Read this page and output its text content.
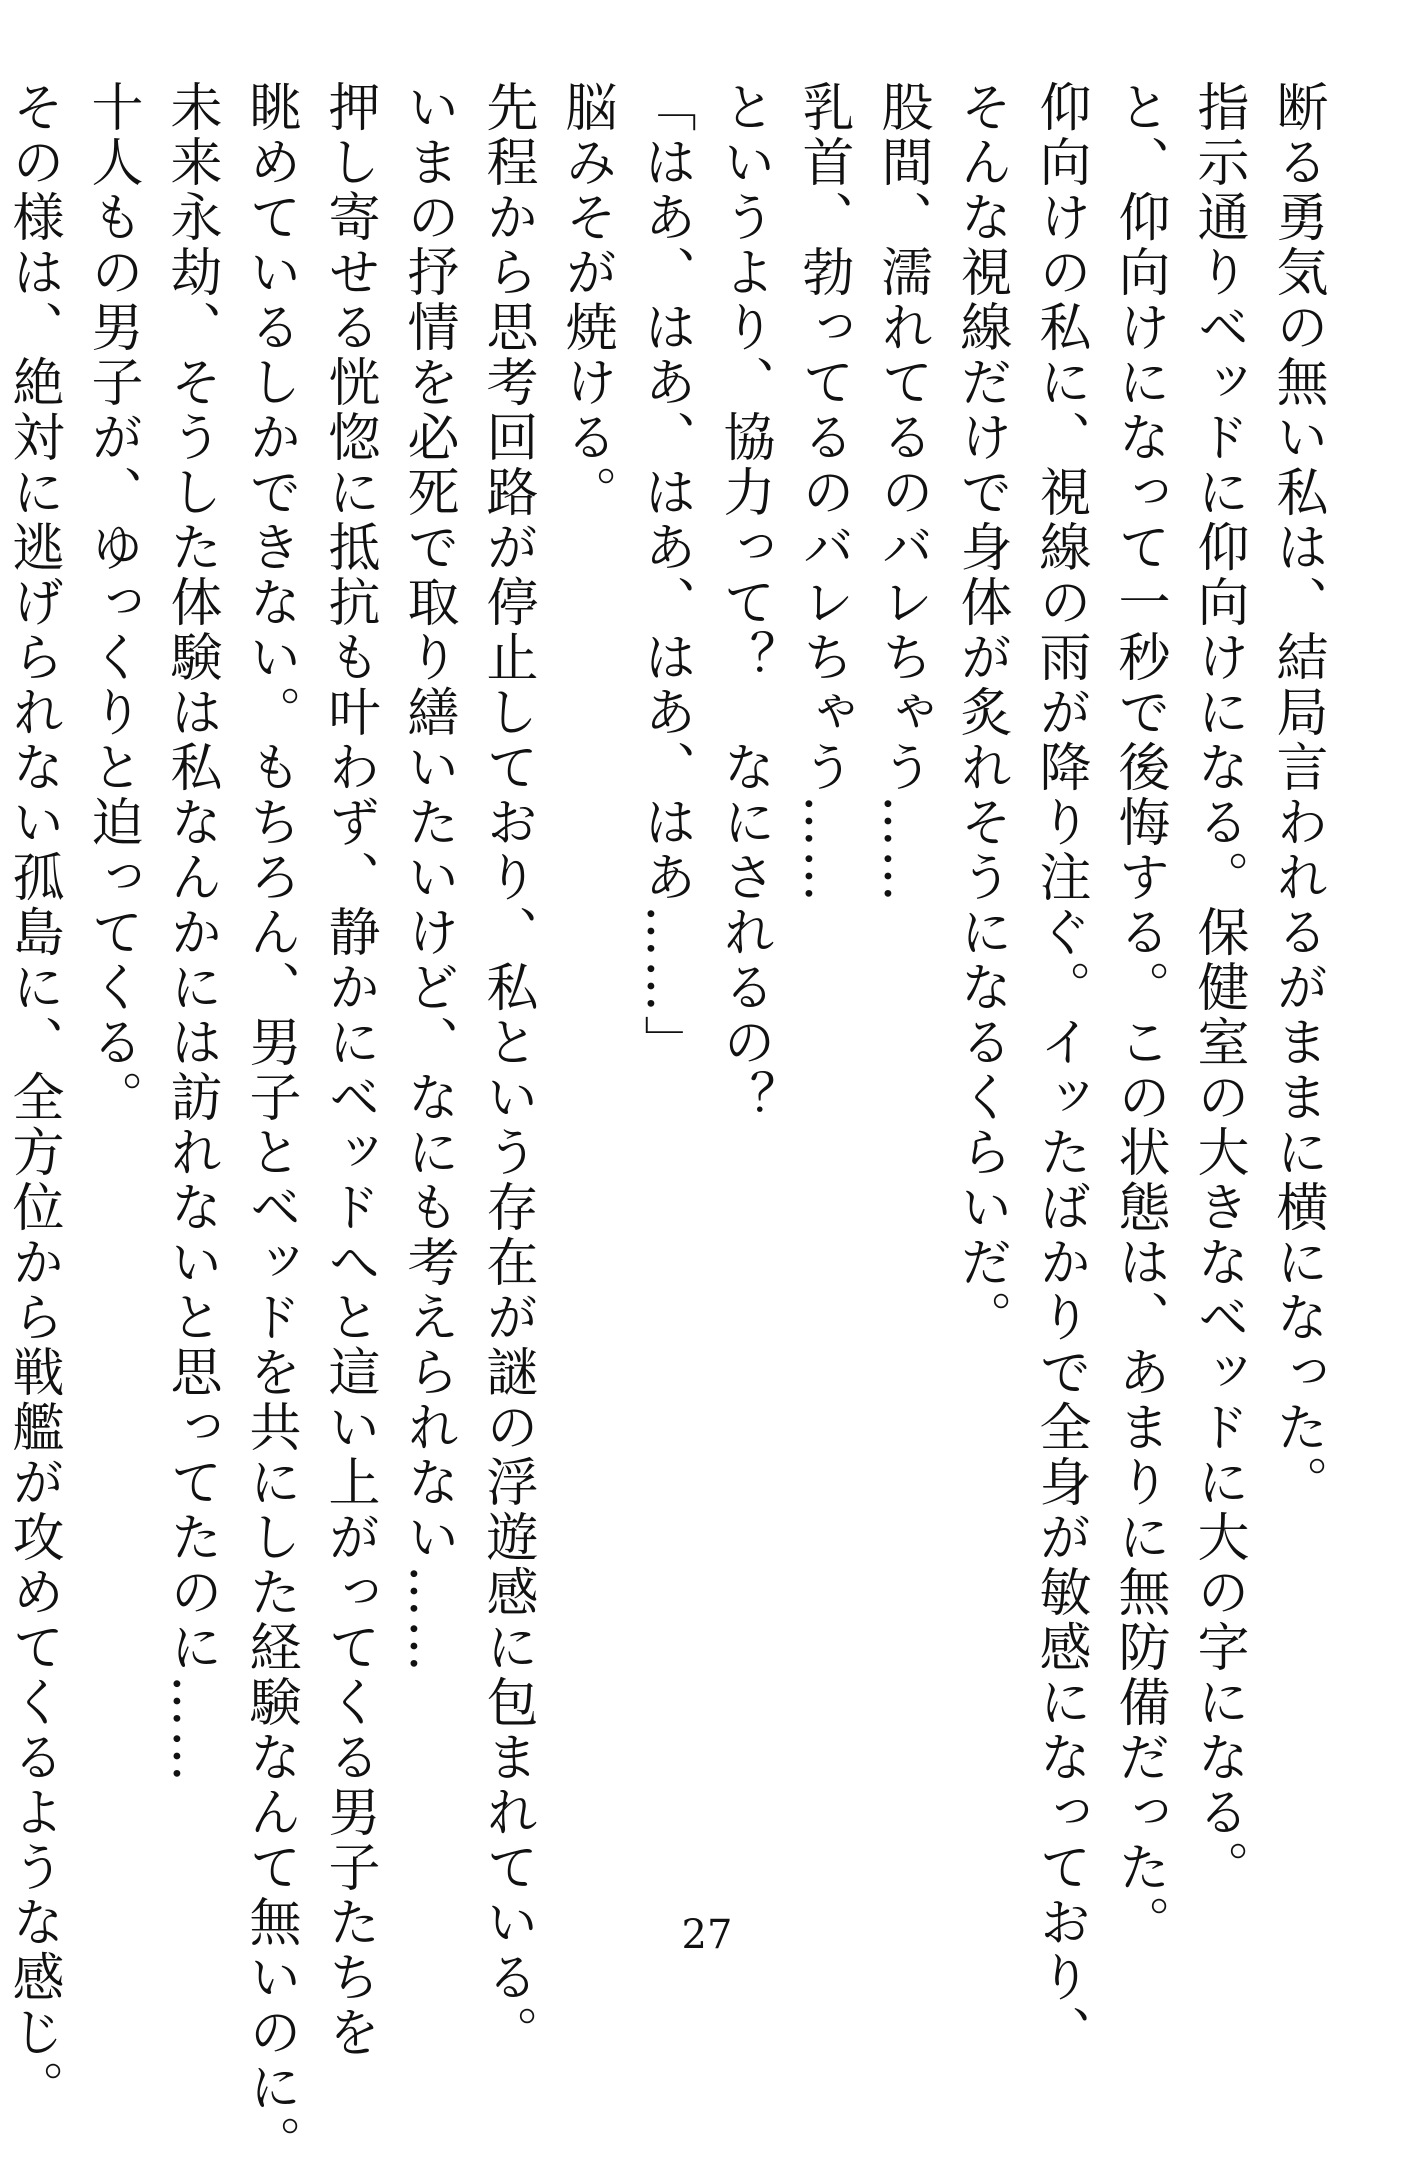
断る勇気の無い私は、結局言われるがままに横になった。
指示通りベッドに仰向けになる。保健室の大きなベッドに大の字になる。
と、仰向けになって一秒で後悔する。この状態は、あまりに無防備だった。
仰向けの私に、視線の雨が降り注ぐ。イッたばかりで全身が敏感になっており、
そんな視線だけで身体が炙れそうになるくらいだ。
股間、濡れてるのバレちゃう……
乳首、勃ってるのバレちゃう……
というより、協力って？　なにされるの？
「はあ、はあ、はあ、はあ、はあ……」
脳みそが焼ける。
先程から思考回路が停止しており、私という存在が謎の浮遊感に包まれている。
いまの抒情を必死で取り繕いたいけど、なにも考えられない……
押し寄せる恍惚に抵抗も叶わず、静かにベッドへと這い上がってくる男子たちを
眺めているしかできない。もちろん、男子とベッドを共にした経験なんて無いのに。
未来永劫、そうした体験は私なんかには訪れないと思ってたのに……
十人もの男子が、ゆっくりと迫ってくる。
その様は、絶対に逃げられない孤島に、全方位から戦艦が攻めてくるような感じ。	27
